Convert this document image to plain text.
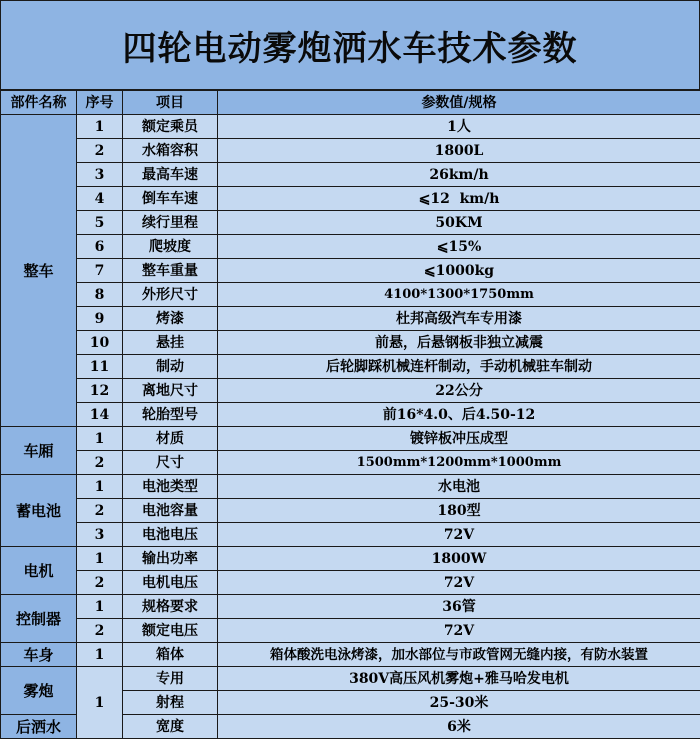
四轮电动雾炮洒水车技术参数
部件名称	序号	项目	参数值/规格
整车	1	额定乘员	1人
	2	水箱容积	1800L
	3	最高车速	26km/h
	4	倒车车速	⩽12  km/h
	5	续行里程	50KM
	6	爬坡度	⩽15%
	7	整车重量	⩽1000kg
	8	外形尺寸	4100*1300*1750mm
	9	烤漆	杜邦高级汽车专用漆
	10	悬挂	前悬，后悬钢板非独立减震
	11	制动	后轮脚踩机械连杆制动，手动机械驻车制动
	12	离地尺寸	22公分
	14	轮胎型号	前16*4.0、后4.50-12
车厢	1	材质	镀锌板冲压成型
	2	尺寸	1500mm*1200mm*1000mm
蓄电池	1	电池类型	水电池
	2	电池容量	180型
	3	电池电压	72V
电机	1	输出功率	1800W
	2	电机电压	72V
控制器	1	规格要求	36管
	2	额定电压	72V
车身	1	箱体	箱体酸洗电泳烤漆，加水部位与市政管网无缝内接，有防水装置
雾炮	1	专用	380V高压风机雾炮+雅马哈发电机
		射程	25-30米
后洒水		宽度	6米
